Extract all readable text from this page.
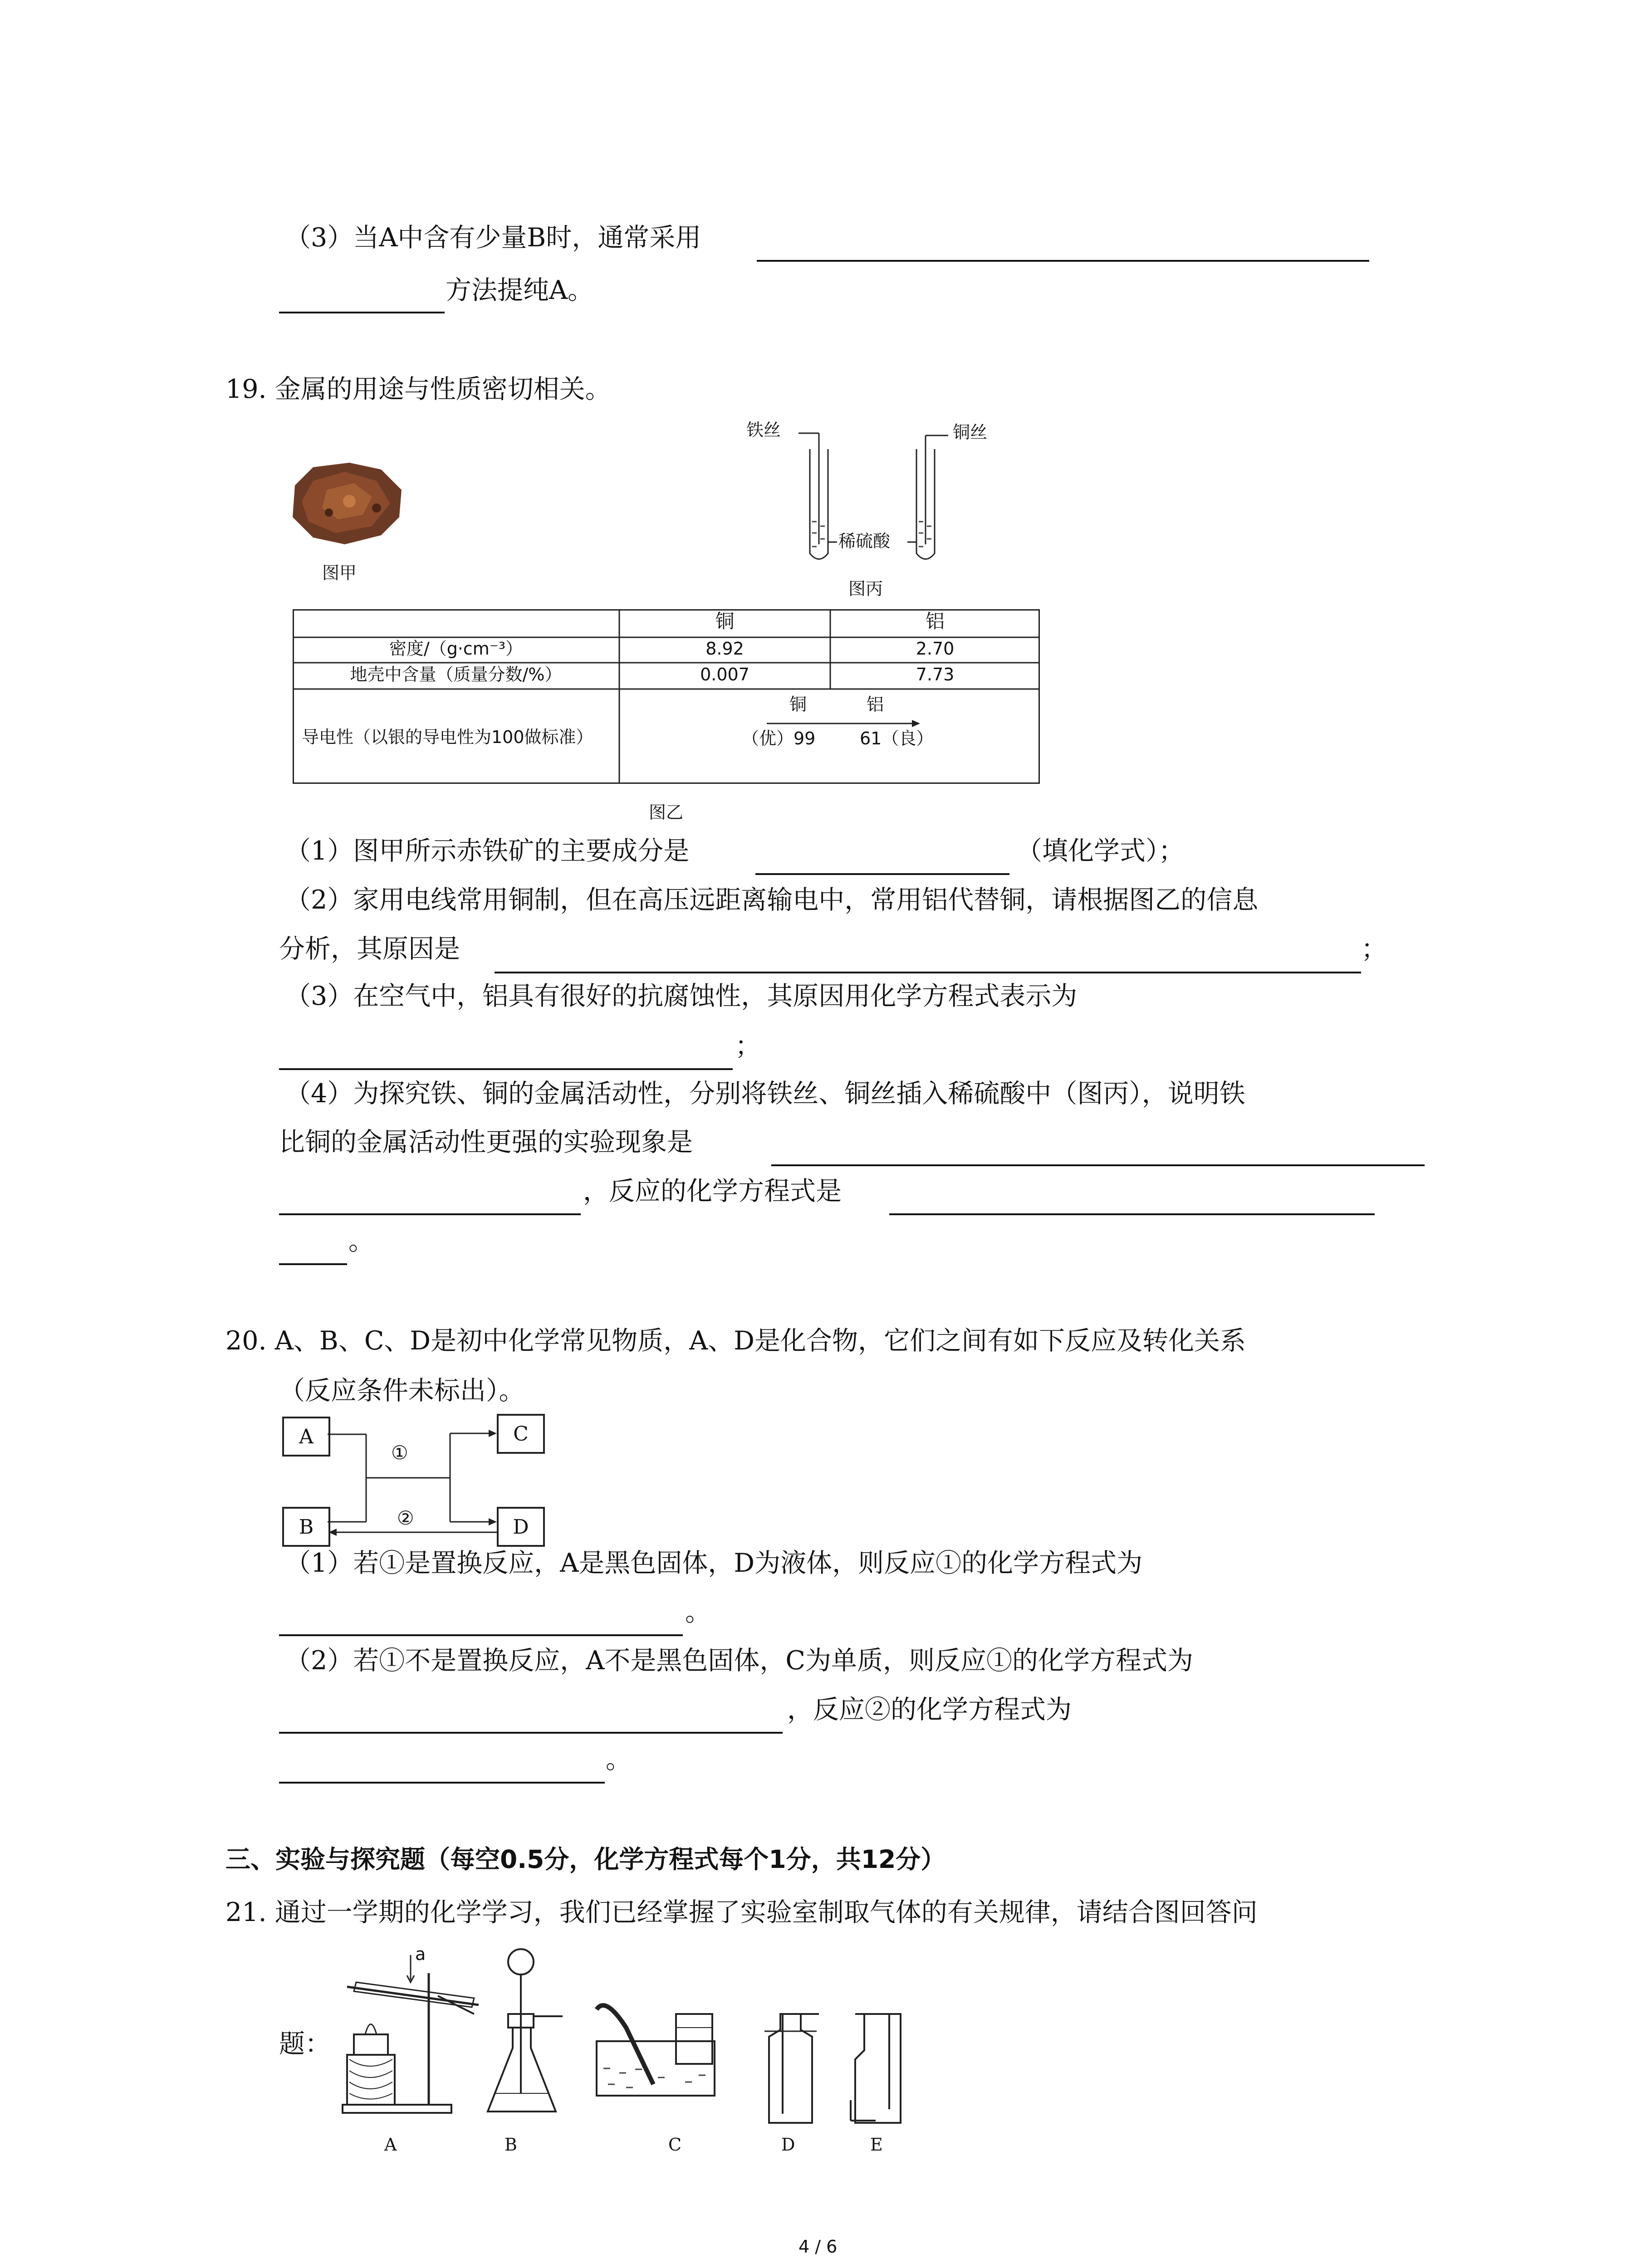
（3）当A中含有少量B时，通常采用
方法提纯A。
19. 金属的用途与性质密切相关。
图甲
铁丝	铜丝
稀硫酸
图丙
铜	铝
密度/（g·cm⁻³）	8.92	2.70
地壳中含量（质量分数/%）	0.007	7.73
导电性（以银的导电性为100做标准）
铜	铝
（优）99	61（良）
图乙
（1）图甲所示赤铁矿的主要成分是	（填化学式）；
（2）家用电线常用铜制，但在高压远距离输电中，常用铝代替铜，请根据图乙的信息
分析，其原因是	；
（3）在空气中，铝具有很好的抗腐蚀性，其原因用化学方程式表示为
；
（4）为探究铁、铜的金属活动性，分别将铁丝、铜丝插入稀硫酸中（图丙），说明铁
比铜的金属活动性更强的实验现象是
，反应的化学方程式是
。
20. A、B、C、D是初中化学常见物质，A、D是化合物，它们之间有如下反应及转化关系
（反应条件未标出）。
A	C
B	D
①
②
（1）若①是置换反应，A是黑色固体，D为液体，则反应①的化学方程式为
。
（2）若①不是置换反应，A不是黑色固体，C为单质，则反应①的化学方程式为
，反应②的化学方程式为
。
三、实验与探究题（每空0.5分，化学方程式每个1分，共12分）
21. 通过一学期的化学学习，我们已经掌握了实验室制取气体的有关规律，请结合图回答问
题：
a
A	B	C	D	E
4 / 6
